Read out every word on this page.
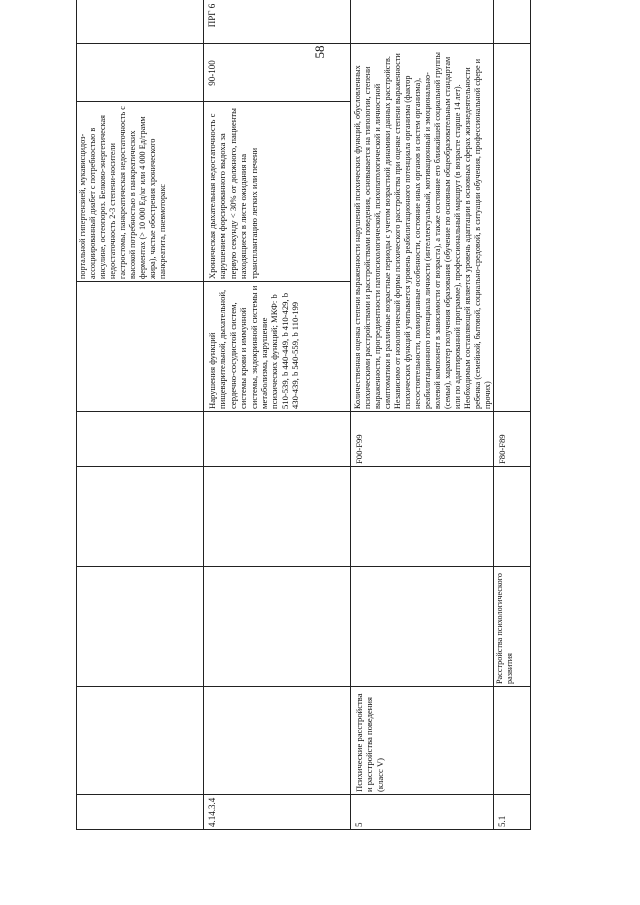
58

портальной гипертензией, мукависцидоз-ассоциированный диабет с потребностью в инсулине, остеопороз. Белково-энергетическая недостаточность 2-3 степени-носители гастростомы, панкреатическая недостаточность с высокой потребностью в панкреатических ферментах (> 10 000 Ед/кг или 4 000 Ед/грамм жира), частые обострения хронического панкреатита, пневмоторакс

4.14.3.4

Нарушения функций пищеварительной, дыхательной, сердечно-сосудистой систем, системы крови и иммунной системы, эндокринной системы и метаболизма, нарушение психических функций; МКФ: b 510-539, b 440-449, b 410-429, b 430-439, b 540-559, b 110-199

Хроническая дыхательная недостаточность с нарушением форсированного выдоха за первую секунду < 30% от должного, пациенты находящиеся в листе ожидания на трансплантацию легких или печени

90-100

ПРГ 6

5

Психические расстройства и расстройства поведения (класс V)

F00-F99

Количественная оценка степени выраженности нарушений психических функций, обусловленных психическими расстройствами и расстройствами поведения, основывается на типологии, степени выраженности, прогредиентности патопсихологической, психопатологической и личностной симптоматики в различные возрастные периоды с учетом возрастной динамики данных расстройств. Независимо от нозологической формы психического расстройства при оценке степени выраженности психических функций учитывается уровень реабилитационного потенциала организма (фактор несостоятельности, полиорганные особенности, состояние иных органов и систем организма), реабилитационного потенциала личности (интеллектуальный, мотивационный и эмоционально-волевой компонент в зависимости от возраста), а также состояние его ближайшей социальной группы (семьи), характер получения образования (обучение по основным общеобразовательным стандартам или по адаптированной программе), профессиональный маршрут (в возрасте старше 14 лет). Необходимым составляющей является уровень адаптации в основных сферах жизнедеятельности ребенка (семейной, бытовой, социально-средовой, в ситуации обучения, профессиональной сфере и прочих)

5.1

Расстройства психологического развития

F80-F89
